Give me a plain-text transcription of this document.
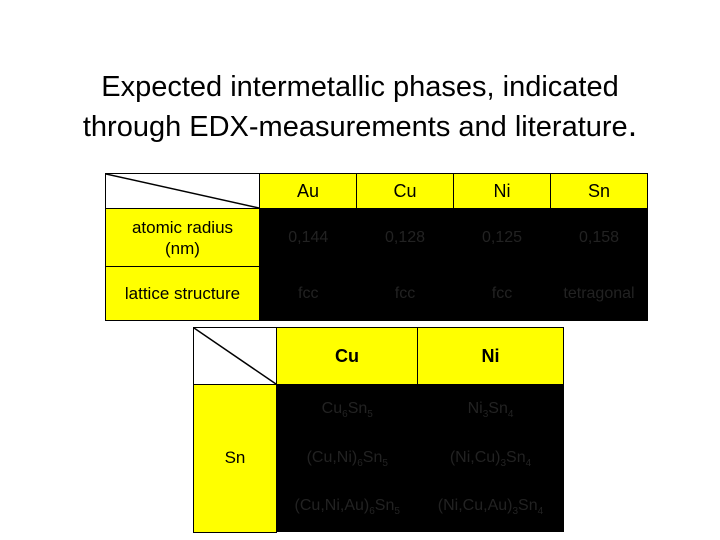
Expected intermetallic phases, indicated
through EDX-measurements and literature.
	Au	Cu	Ni	Sn

atomic radius
(nm)	0,144	0,128	0,125	0,158
lattice structure	fcc	fcc	fcc	tetragonal
	Cu	Ni
Sn	$Cu_6Sn_5$	$Ni_3Sn_4$
	$(Cu,Ni)_6Sn_5$	$(Ni,Cu)_3Sn_4$
	$(Cu,Ni,Au)_6Sn_5$	$(Ni,Cu,Au)_3Sn_4$
